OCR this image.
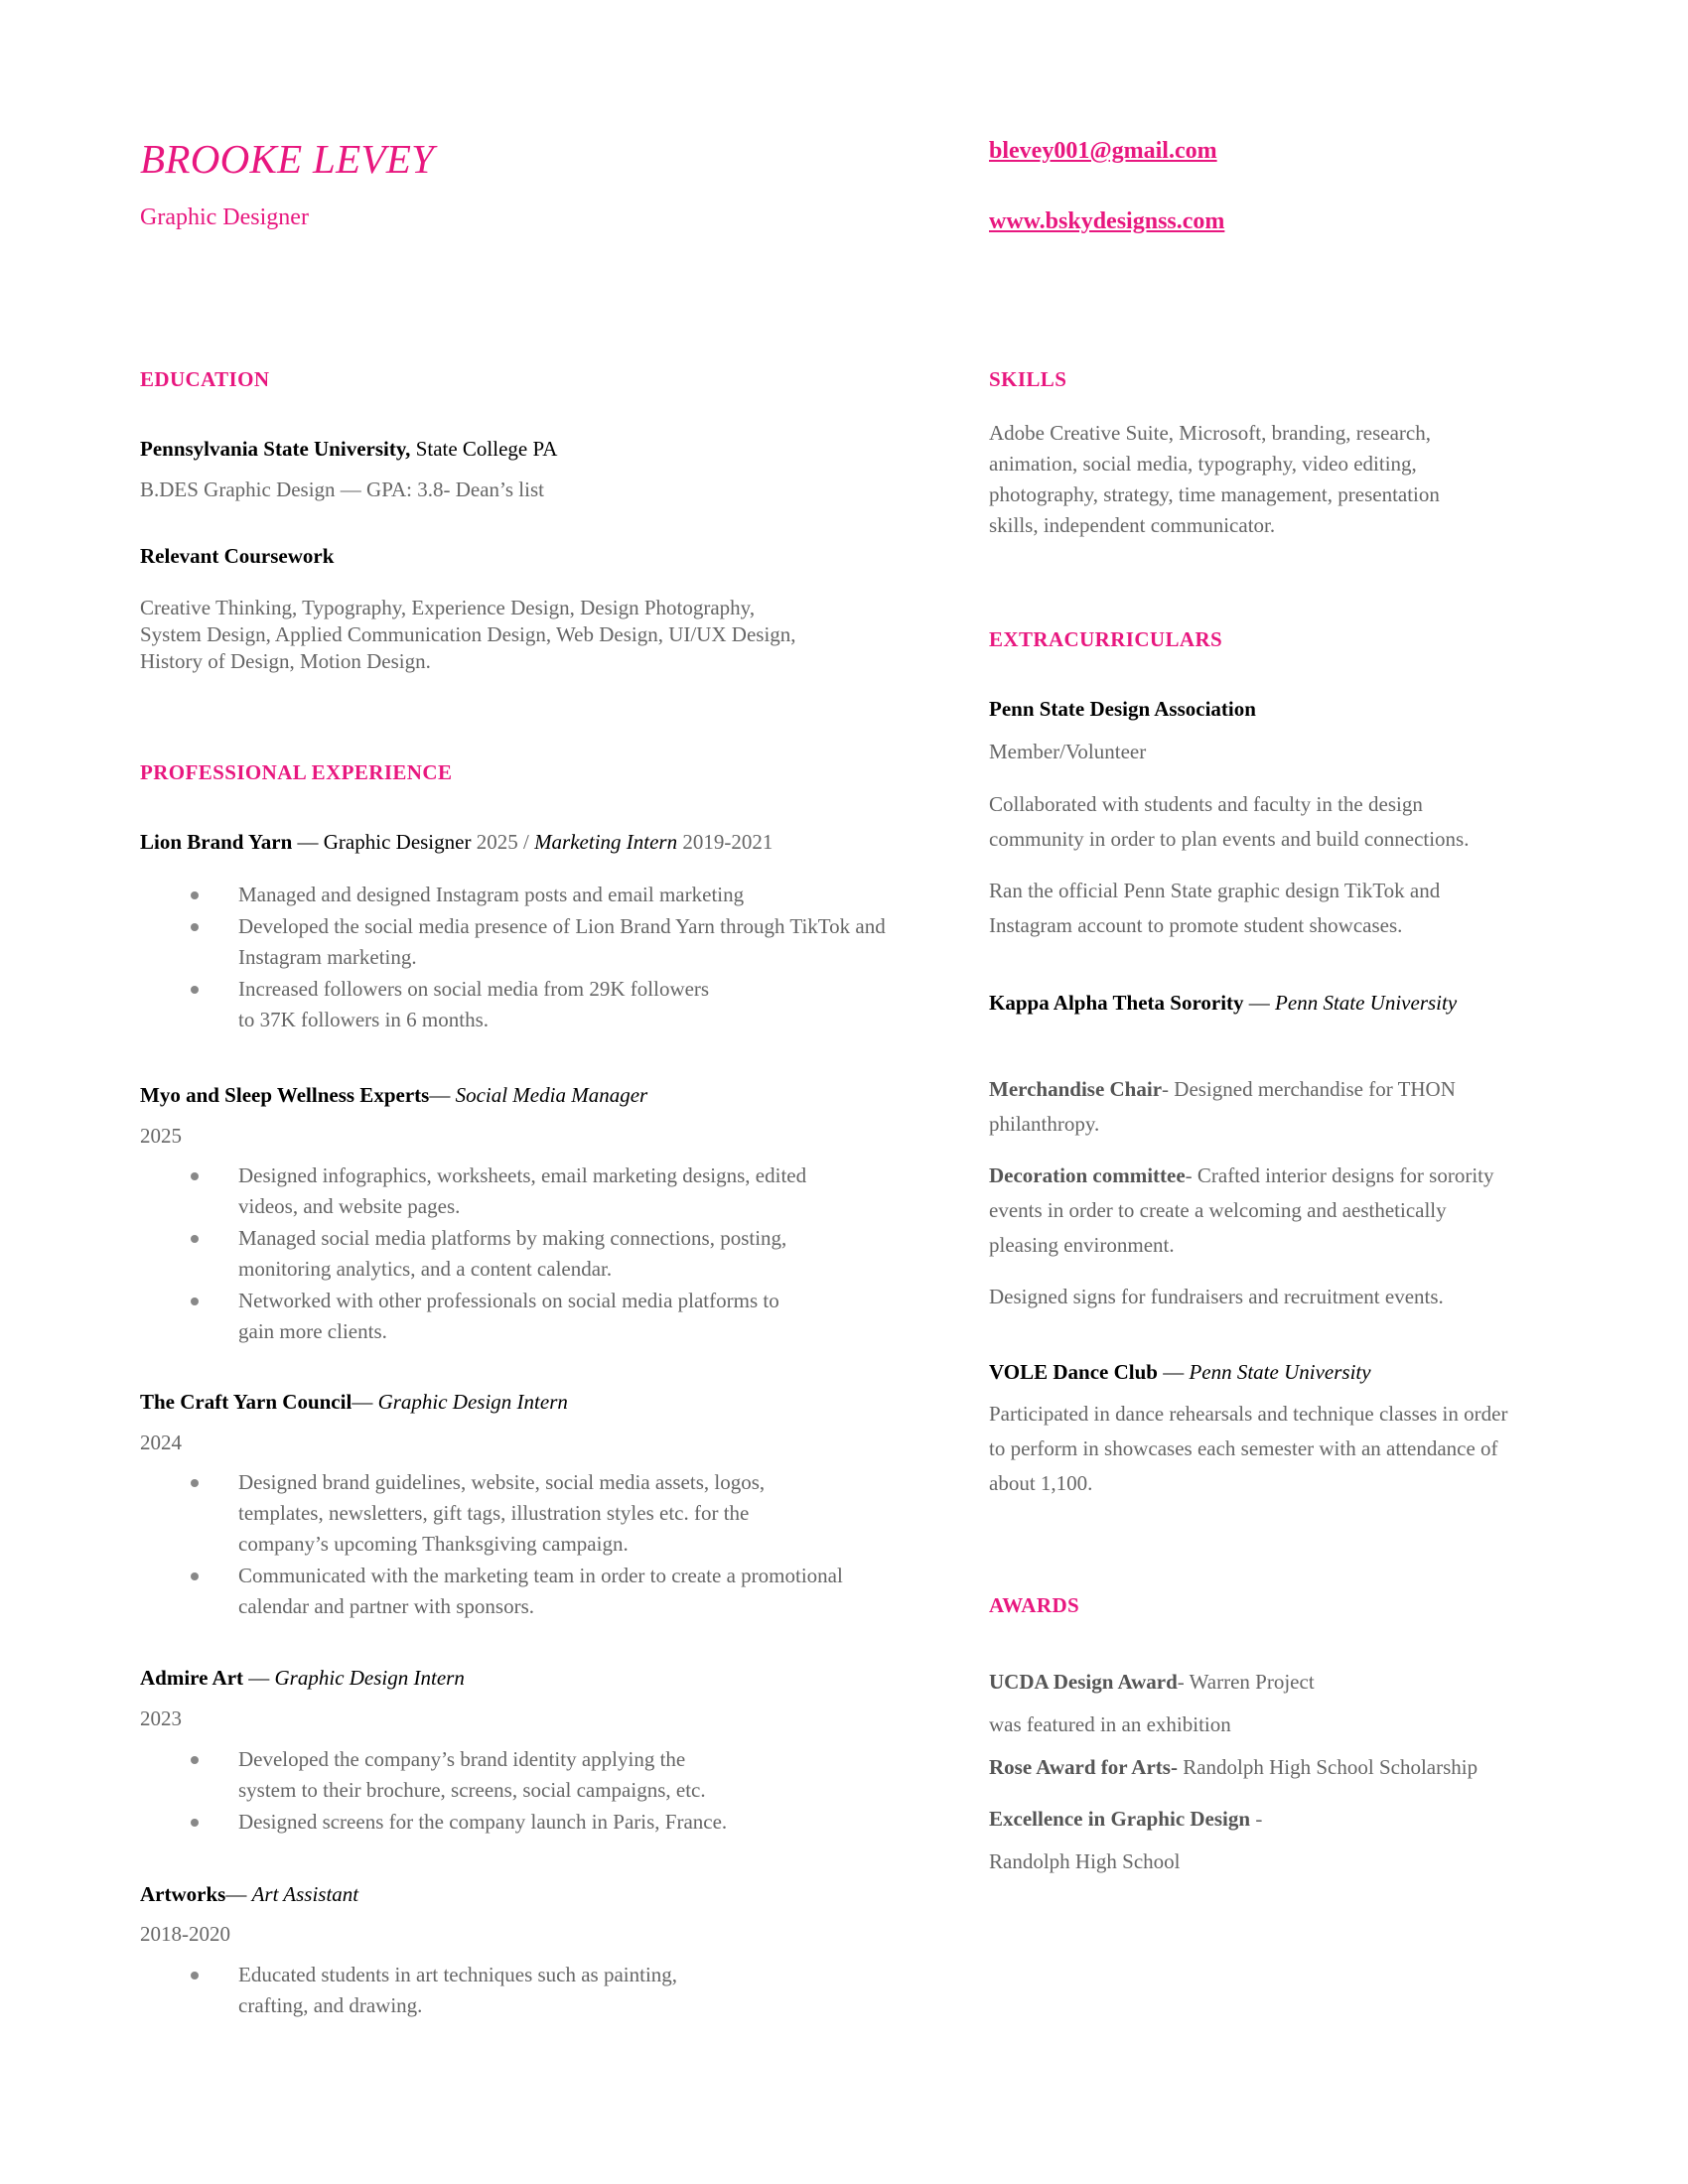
BROOKE LEVEY
Graphic Designer
blevey001@gmail.com
www.bskydesignss.com
EDUCATION
Pennsylvania State University, State College PA
B.DES Graphic Design — GPA: 3.8- Dean’s list
Relevant Coursework
Creative Thinking, Typography, Experience Design, Design Photography,
System Design, Applied Communication Design, Web Design, UI/UX Design,
History of Design, Motion Design.
PROFESSIONAL EXPERIENCE
Lion Brand Yarn — Graphic Designer 2025 / Marketing Intern 2019-2021
Managed and designed Instagram posts and email marketing
Developed the social media presence of Lion Brand Yarn through TikTok and
Instagram marketing.
Increased followers on social media from 29K followers
to 37K followers in 6 months.
Myo and Sleep Wellness Experts— Social Media Manager
2025
Designed infographics, worksheets, email marketing designs, edited
videos, and website pages.
Managed social media platforms by making connections, posting,
monitoring analytics, and a content calendar.
Networked with other professionals on social media platforms to
gain more clients.
The Craft Yarn Council— Graphic Design Intern
2024
Designed brand guidelines, website, social media assets, logos,
templates, newsletters, gift tags, illustration styles etc. for the
company’s upcoming Thanksgiving campaign.
Communicated with the marketing team in order to create a promotional
calendar and partner with sponsors.
Admire Art — Graphic Design Intern
2023
Developed the company’s brand identity applying the
system to their brochure, screens, social campaigns, etc.
Designed screens for the company launch in Paris, France.
Artworks— Art Assistant
2018-2020
Educated students in art techniques such as painting,
crafting, and drawing.
SKILLS
Adobe Creative Suite, Microsoft, branding, research,
animation, social media, typography, video editing,
photography, strategy, time management, presentation
skills, independent communicator.
EXTRACURRICULARS
Penn State Design Association
Member/Volunteer
Collaborated with students and faculty in the design
community in order to plan events and build connections.
Ran the official Penn State graphic design TikTok and
Instagram account to promote student showcases.
Kappa Alpha Theta Sorority — Penn State University
Merchandise Chair- Designed merchandise for THON
philanthropy.
Decoration committee- Crafted interior designs for sorority
events in order to create a welcoming and aesthetically
pleasing environment.
Designed signs for fundraisers and recruitment events.
VOLE Dance Club — Penn State University
Participated in dance rehearsals and technique classes in order
to perform in showcases each semester with an attendance of
about 1,100.
AWARDS
UCDA Design Award- Warren Project
was featured in an exhibition
Rose Award for Arts- Randolph High School Scholarship
Excellence in Graphic Design -
Randolph High School
